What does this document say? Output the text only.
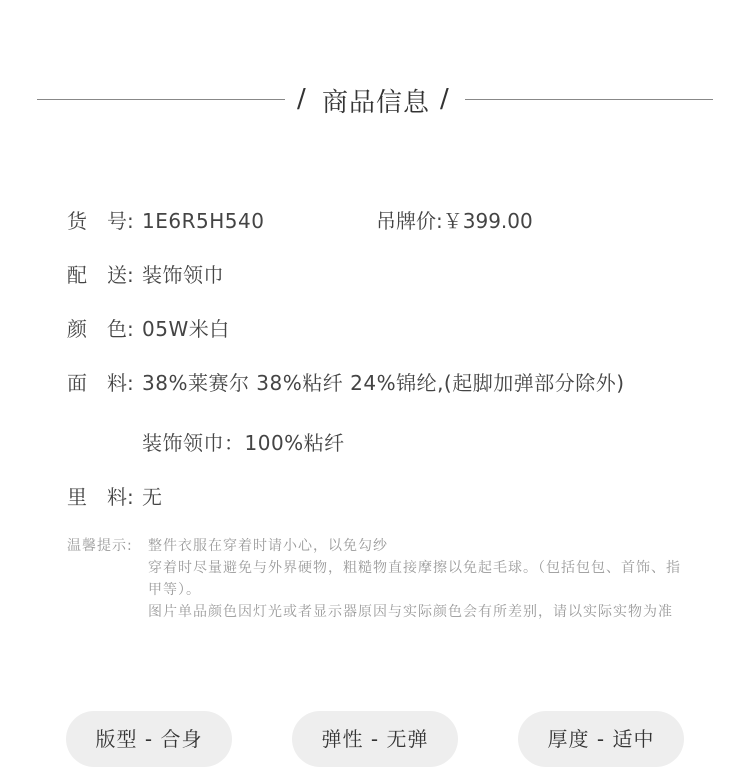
/ 商品信息 /
货　号: 1E6R5H540	吊牌价:￥399.00
配　送: 装饰领巾
颜　色: 05W米白
面　料: 38%莱赛尔 38%粘纤 24%锦纶,(起脚加弹部分除外)
装饰领巾：100%粘纤
里　料: 无
温馨提示: 整件衣服在穿着时请小心，以免勾纱
穿着时尽量避免与外界硬物，粗糙物直接摩擦以免起毛球。（包括包包、首饰、指甲等）。
图片单品颜色因灯光或者显示器原因与实际颜色会有所差别，请以实际实物为准
版型 - 合身	弹性 - 无弹	厚度 - 适中
